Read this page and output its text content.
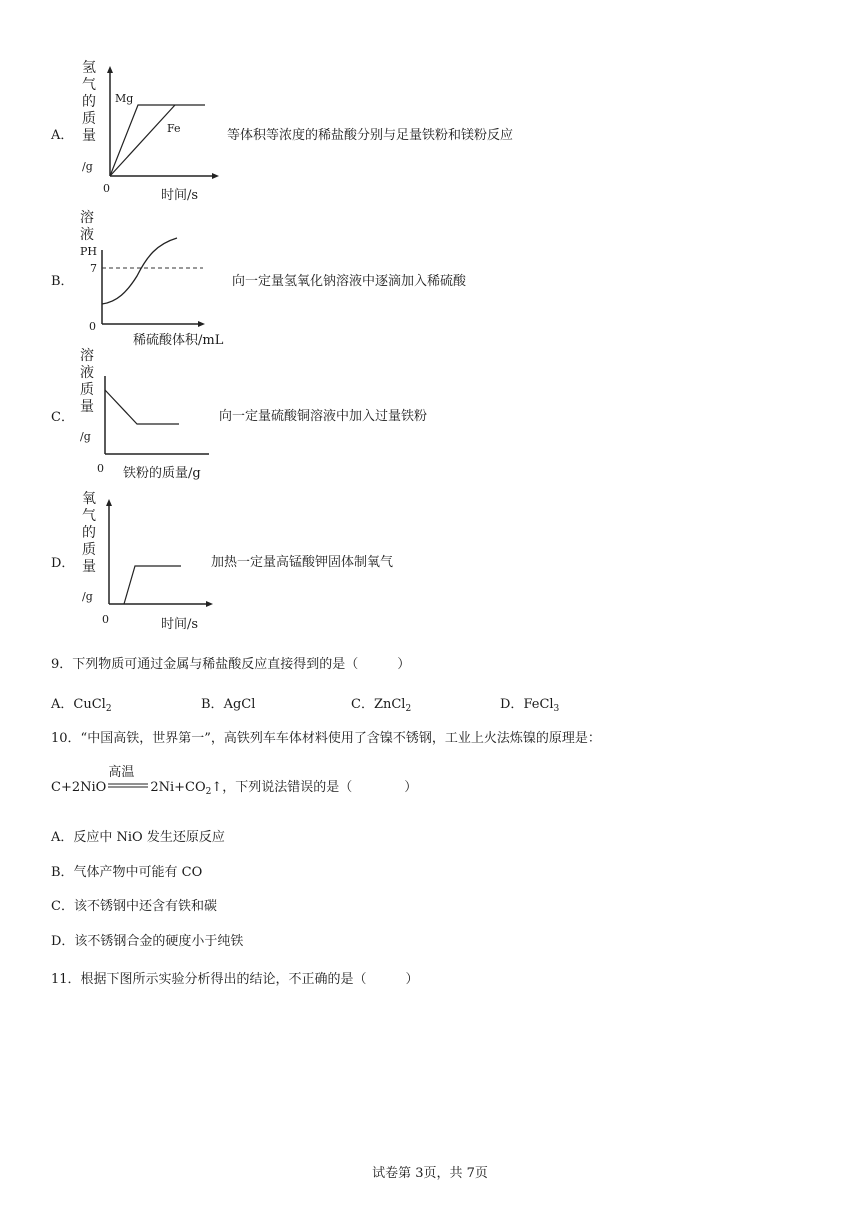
A．
氢
气
的
质
量
/g
0
Mg
Fe
时间/s
等体积等浓度的稀盐酸分别与足量铁粉和镁粉反应
B．
溶
液
PH
7
0
稀硫酸体积/mL
向一定量氢氧化钠溶液中逐滴加入稀硫酸
C．
溶
液
质
量
/g
0 铁粉的质量/g
向一定量硫酸铜溶液中加入过量铁粉
D．
氧
气
的
质
量
/g
0	时间/s
加热一定量高锰酸钾固体制氧气
9．下列物质可通过金属与稀盐酸反应直接得到的是（　　　）
A．CuCl$_2$	B．AgCl	C．ZnCl$_2$	D．FeCl$_3$
10．“中国高铁，世界第一”，高铁列车车体材料使用了含镍不锈钢，工业上火法炼镍的原理是：
C+2NiO
高温
$2Ni+CO_2↑$，下列说法错误的是（　　　　）
A．反应中 NiO 发生还原反应
B．气体产物中可能有 CO
C．该不锈钢中还含有铁和碳
D．该不锈钢合金的硬度小于纯铁
11．根据下图所示实验分析得出的结论，不正确的是（　　　）
试卷第 3页，共 7页
